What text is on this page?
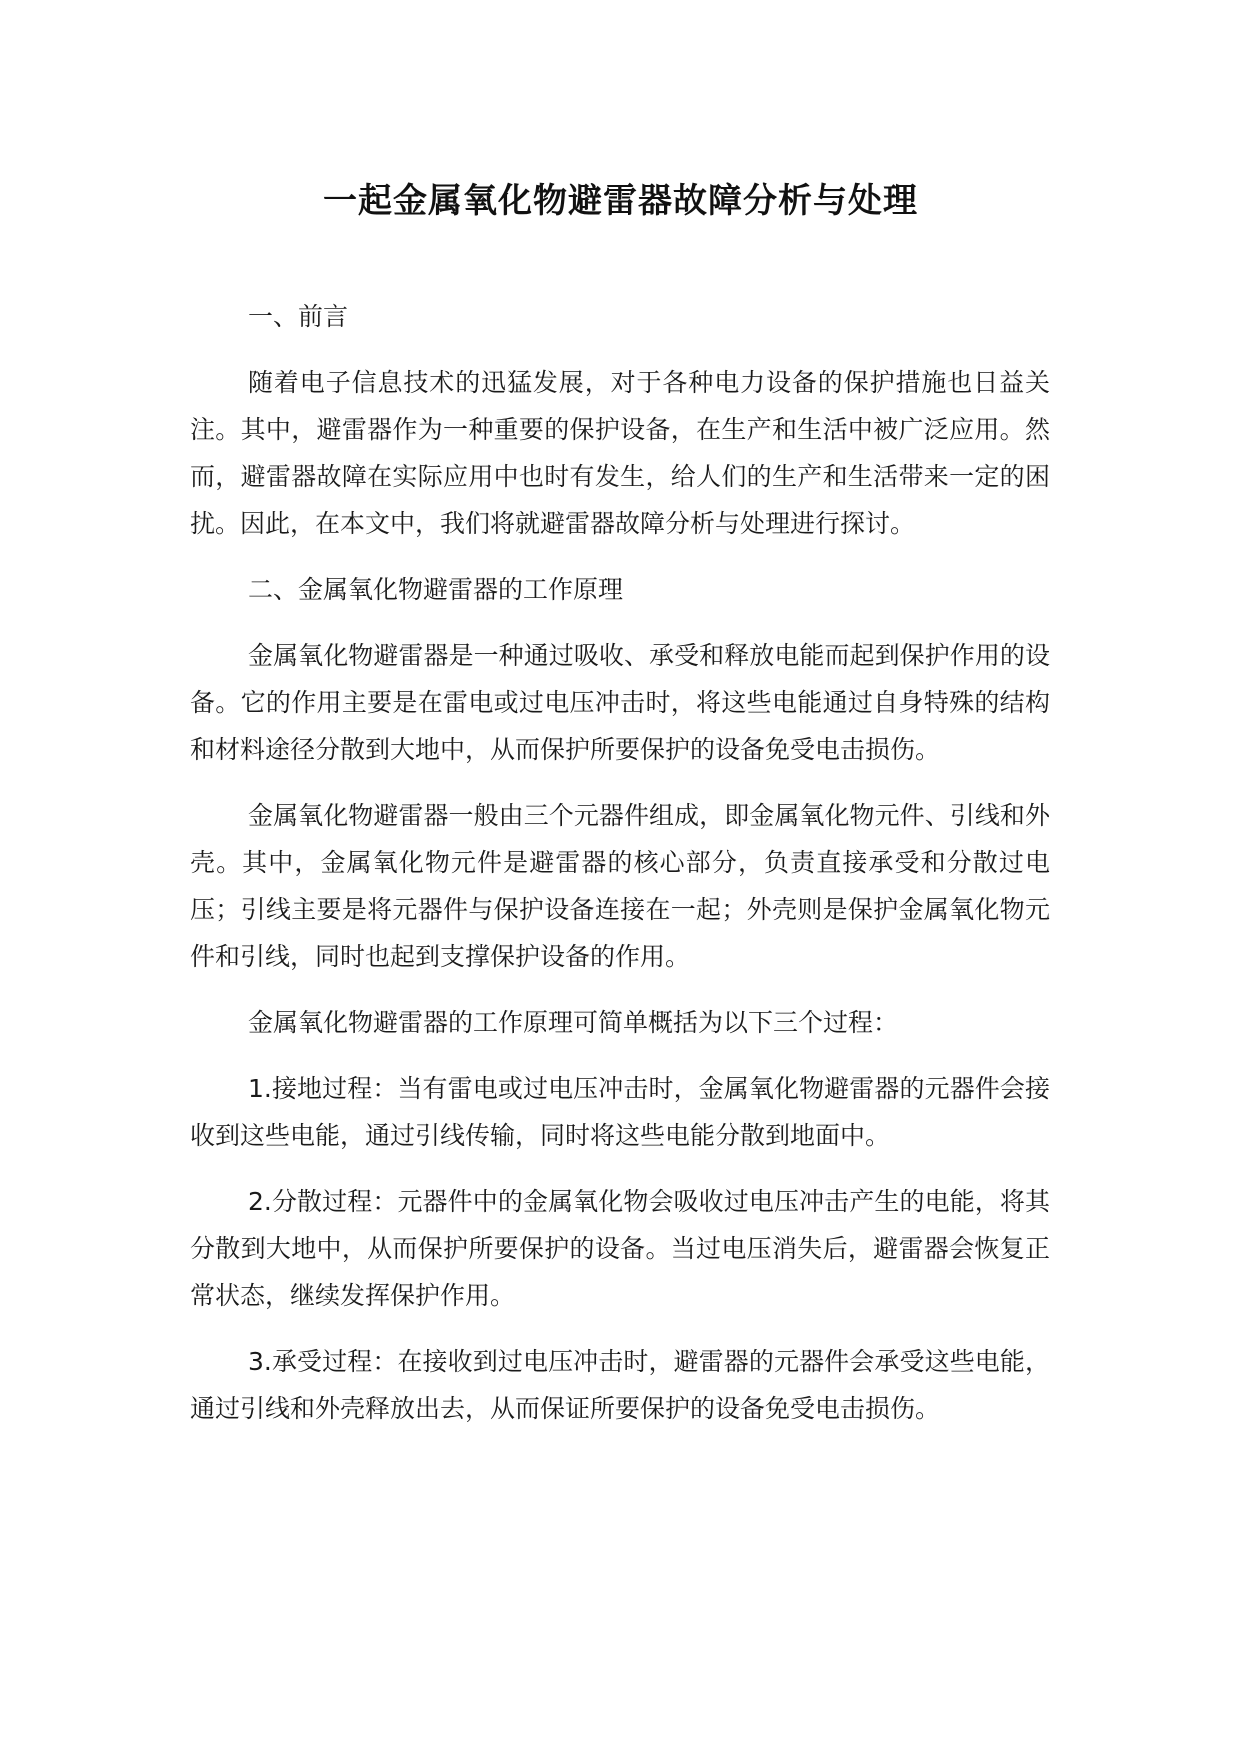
一起金属氧化物避雷器故障分析与处理

一、前言

随着电子信息技术的迅猛发展，对于各种电力设备的保护措施也日益关注。其中，避雷器作为一种重要的保护设备，在生产和生活中被广泛应用。然而，避雷器故障在实际应用中也时有发生，给人们的生产和生活带来一定的困扰。因此，在本文中，我们将就避雷器故障分析与处理进行探讨。

二、金属氧化物避雷器的工作原理

金属氧化物避雷器是一种通过吸收、承受和释放电能而起到保护作用的设备。它的作用主要是在雷电或过电压冲击时，将这些电能通过自身特殊的结构和材料途径分散到大地中，从而保护所要保护的设备免受电击损伤。

金属氧化物避雷器一般由三个元器件组成，即金属氧化物元件、引线和外壳。其中，金属氧化物元件是避雷器的核心部分，负责直接承受和分散过电压；引线主要是将元器件与保护设备连接在一起；外壳则是保护金属氧化物元件和引线，同时也起到支撑保护设备的作用。

金属氧化物避雷器的工作原理可简单概括为以下三个过程：

1.接地过程：当有雷电或过电压冲击时，金属氧化物避雷器的元器件会接收到这些电能，通过引线传输，同时将这些电能分散到地面中。

2.分散过程：元器件中的金属氧化物会吸收过电压冲击产生的电能，将其分散到大地中，从而保护所要保护的设备。当过电压消失后，避雷器会恢复正常状态，继续发挥保护作用。

3.承受过程：在接收到过电压冲击时，避雷器的元器件会承受这些电能，通过引线和外壳释放出去，从而保证所要保护的设备免受电击损伤。
